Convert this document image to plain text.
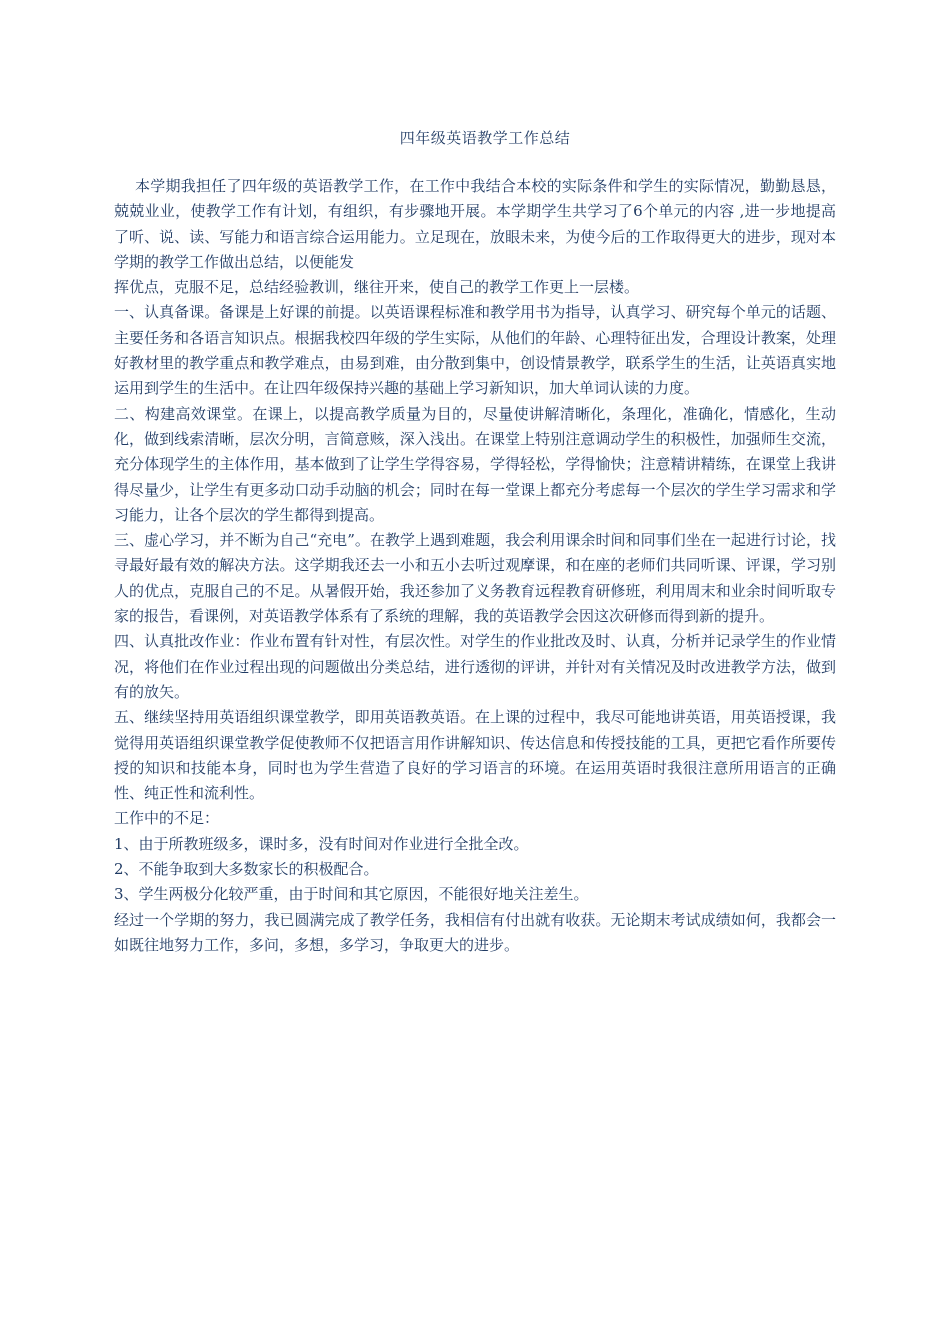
四年级英语教学工作总结

本学期我担任了四年级的英语教学工作，在工作中我结合本校的实际条件和学生的实际情况，勤勤恳恳，兢兢业业，使教学工作有计划，有组织，有步骤地开展。本学期学生共学习了6个单元的内容 ,进一步地提高了听、说、读、写能力和语言综合运用能力。立足现在，放眼未来，为使今后的工作取得更大的进步，现对本学期的教学工作做出总结，以便能发

挥优点，克服不足，总结经验教训，继往开来，使自己的教学工作更上一层楼。

一、认真备课。备课是上好课的前提。以英语课程标准和教学用书为指导，认真学习、研究每个单元的话题、主要任务和各语言知识点。根据我校四年级的学生实际，从他们的年龄、心理特征出发，合理设计教案，处理好教材里的教学重点和教学难点，由易到难，由分散到集中，创设情景教学，联系学生的生活，让英语真实地运用到学生的生活中。在让四年级保持兴趣的基础上学习新知识，加大单词认读的力度。

二、构建高效课堂。在课上，以提高教学质量为目的，尽量使讲解清晰化，条理化，准确化，情感化，生动化，做到线索清晰，层次分明，言简意赅，深入浅出。在课堂上特别注意调动学生的积极性，加强师生交流，充分体现学生的主体作用，基本做到了让学生学得容易，学得轻松，学得愉快；注意精讲精练，在课堂上我讲得尽量少，让学生有更多动口动手动脑的机会；同时在每一堂课上都充分考虑每一个层次的学生学习需求和学习能力，让各个层次的学生都得到提高。

三、虚心学习，并不断为自己“充电”。在教学上遇到难题，我会利用课余时间和同事们坐在一起进行讨论，找寻最好最有效的解决方法。这学期我还去一小和五小去听过观摩课，和在座的老师们共同听课、评课，学习别人的优点，克服自己的不足。从暑假开始，我还参加了义务教育远程教育研修班，利用周末和业余时间听取专家的报告，看课例，对英语教学体系有了系统的理解，我的英语教学会因这次研修而得到新的提升。

四、认真批改作业：作业布置有针对性，有层次性。对学生的作业批改及时、认真，分析并记录学生的作业情况，将他们在作业过程出现的问题做出分类总结，进行透彻的评讲，并针对有关情况及时改进教学方法，做到有的放矢。

五、继续坚持用英语组织课堂教学，即用英语教英语。在上课的过程中，我尽可能地讲英语，用英语授课，我觉得用英语组织课堂教学促使教师不仅把语言用作讲解知识、传达信息和传授技能的工具，更把它看作所要传授的知识和技能本身，同时也为学生营造了良好的学习语言的环境。在运用英语时我很注意所用语言的正确性、纯正性和流利性。

工作中的不足：

1、由于所教班级多，课时多，没有时间对作业进行全批全改。

2、不能争取到大多数家长的积极配合。

3、学生两极分化较严重，由于时间和其它原因，不能很好地关注差生。

经过一个学期的努力，我已圆满完成了教学任务，我相信有付出就有收获。无论期末考试成绩如何，我都会一如既往地努力工作，多问，多想，多学习，争取更大的进步。
